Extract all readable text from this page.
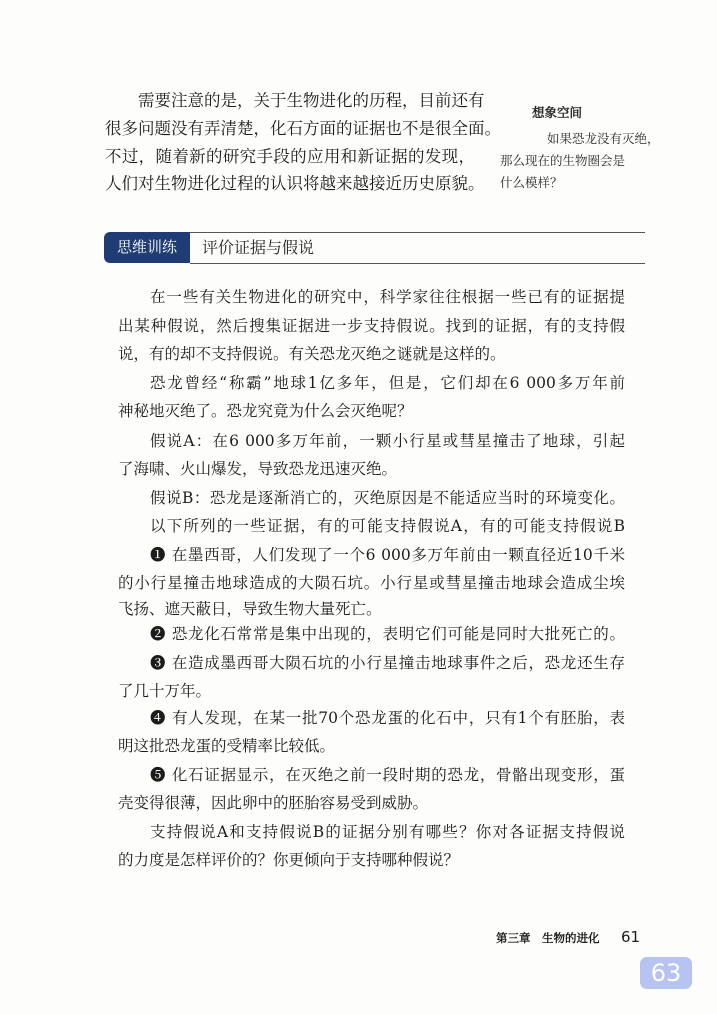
需要注意的是，关于生物进化的历程，目前还有
很多问题没有弄清楚，化石方面的证据也不是很全面。
不过，随着新的研究手段的应用和新证据的发现，
人们对生物进化过程的认识将越来越接近历史原貌。
想象空间
如果恐龙没有灭绝，
那么现在的生物圈会是
什么模样？
思维训练	评价证据与假说
在一些有关生物进化的研究中，科学家往往根据一些已有的证据提
出某种假说，然后搜集证据进一步支持假说。找到的证据，有的支持假
说，有的却不支持假说。有关恐龙灭绝之谜就是这样的。
恐龙曾经“称霸”地球1亿多年，但是，它们却在6 000多万年前
神秘地灭绝了。恐龙究竟为什么会灭绝呢？
假说A：在6 000多万年前，一颗小行星或彗星撞击了地球，引起
了海啸、火山爆发，导致恐龙迅速灭绝。
假说B：恐龙是逐渐消亡的，灭绝原因是不能适应当时的环境变化。
以下所列的一些证据，有的可能支持假说A，有的可能支持假说B
❶ 在墨西哥，人们发现了一个6 000多万年前由一颗直径近10千米
的小行星撞击地球造成的大陨石坑。小行星或彗星撞击地球会造成尘埃
飞扬、遮天蔽日，导致生物大量死亡。
❷ 恐龙化石常常是集中出现的，表明它们可能是同时大批死亡的。
❸ 在造成墨西哥大陨石坑的小行星撞击地球事件之后，恐龙还生存
了几十万年。
❹ 有人发现，在某一批70个恐龙蛋的化石中，只有1个有胚胎，表
明这批恐龙蛋的受精率比较低。
❺ 化石证据显示，在灭绝之前一段时期的恐龙，骨骼出现变形，蛋
壳变得很薄，因此卵中的胚胎容易受到威胁。
支持假说A和支持假说B的证据分别有哪些？你对各证据支持假说
的力度是怎样评价的？你更倾向于支持哪种假说？
第三章　生物的进化 61
63
